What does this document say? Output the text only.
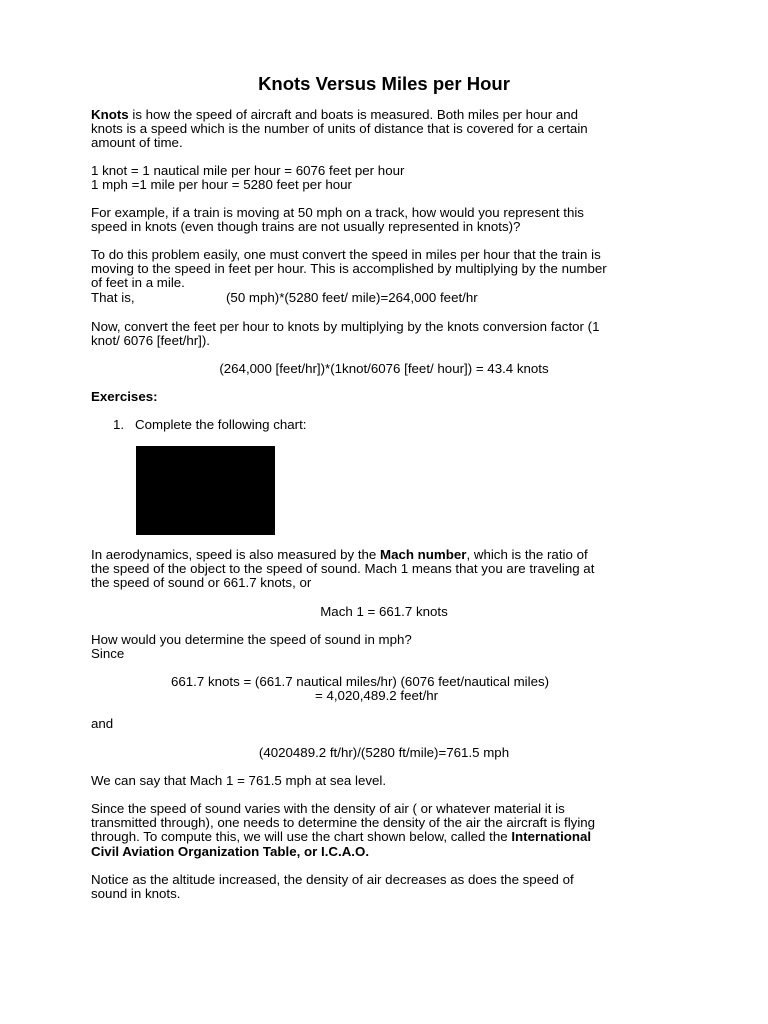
Knots Versus Miles per Hour
Knots is how the speed of aircraft and boats is measured. Both miles per hour and
knots is a speed which is the number of units of distance that is covered for a certain
amount of time.
1 knot = 1 nautical mile per hour = 6076 feet per hour
1 mph =1 mile per hour = 5280 feet per hour
For example, if a train is moving at 50 mph on a track, how would you represent this
speed in knots (even though trains are not usually represented in knots)?
To do this problem easily, one must convert the speed in miles per hour that the train is
moving to the speed in feet per hour. This is accomplished by multiplying by the number
of feet in a mile.
That is,	(50 mph)*(5280 feet/ mile)=264,000 feet/hr
Now, convert the feet per hour to knots by multiplying by the knots conversion factor (1
knot/ 6076 [feet/hr]).
(264,000 [feet/hr])*(1knot/6076 [feet/ hour]) = 43.4 knots
Exercises:
1. Complete the following chart:
In aerodynamics, speed is also measured by the Mach number, which is the ratio of
the speed of the object to the speed of sound. Mach 1 means that you are traveling at
the speed of sound or 661.7 knots, or
Mach 1 = 661.7 knots
How would you determine the speed of sound in mph?
Since
661.7 knots = (661.7 nautical miles/hr) (6076 feet/nautical miles)
= 4,020,489.2 feet/hr
and
(4020489.2 ft/hr)/(5280 ft/mile)=761.5 mph
We can say that Mach 1 = 761.5 mph at sea level.
Since the speed of sound varies with the density of air ( or whatever material it is
transmitted through), one needs to determine the density of the air the aircraft is flying
through. To compute this, we will use the chart shown below, called the International
Civil Aviation Organization Table, or I.C.A.O.
Notice as the altitude increased, the density of air decreases as does the speed of
sound in knots.
